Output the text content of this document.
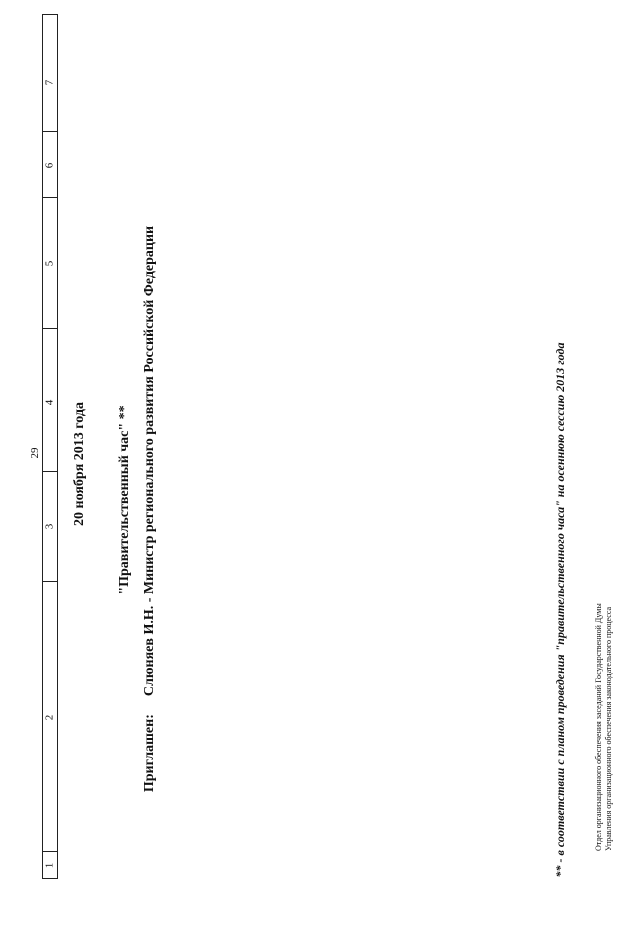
1
2
3
4
5
6
7
29 20 ноября 2013 года "Правительственный час" **
Приглашен:Слюняев И.Н. - Министр регионального развития Российской Федерации	** - в соответствии с планом проведения "правительственного часа" на осеннюю сессию 2013 года	Отдел организационного обеспечения заседаний Государственной Думы Управления организационного обеспечения законодательного процесса
